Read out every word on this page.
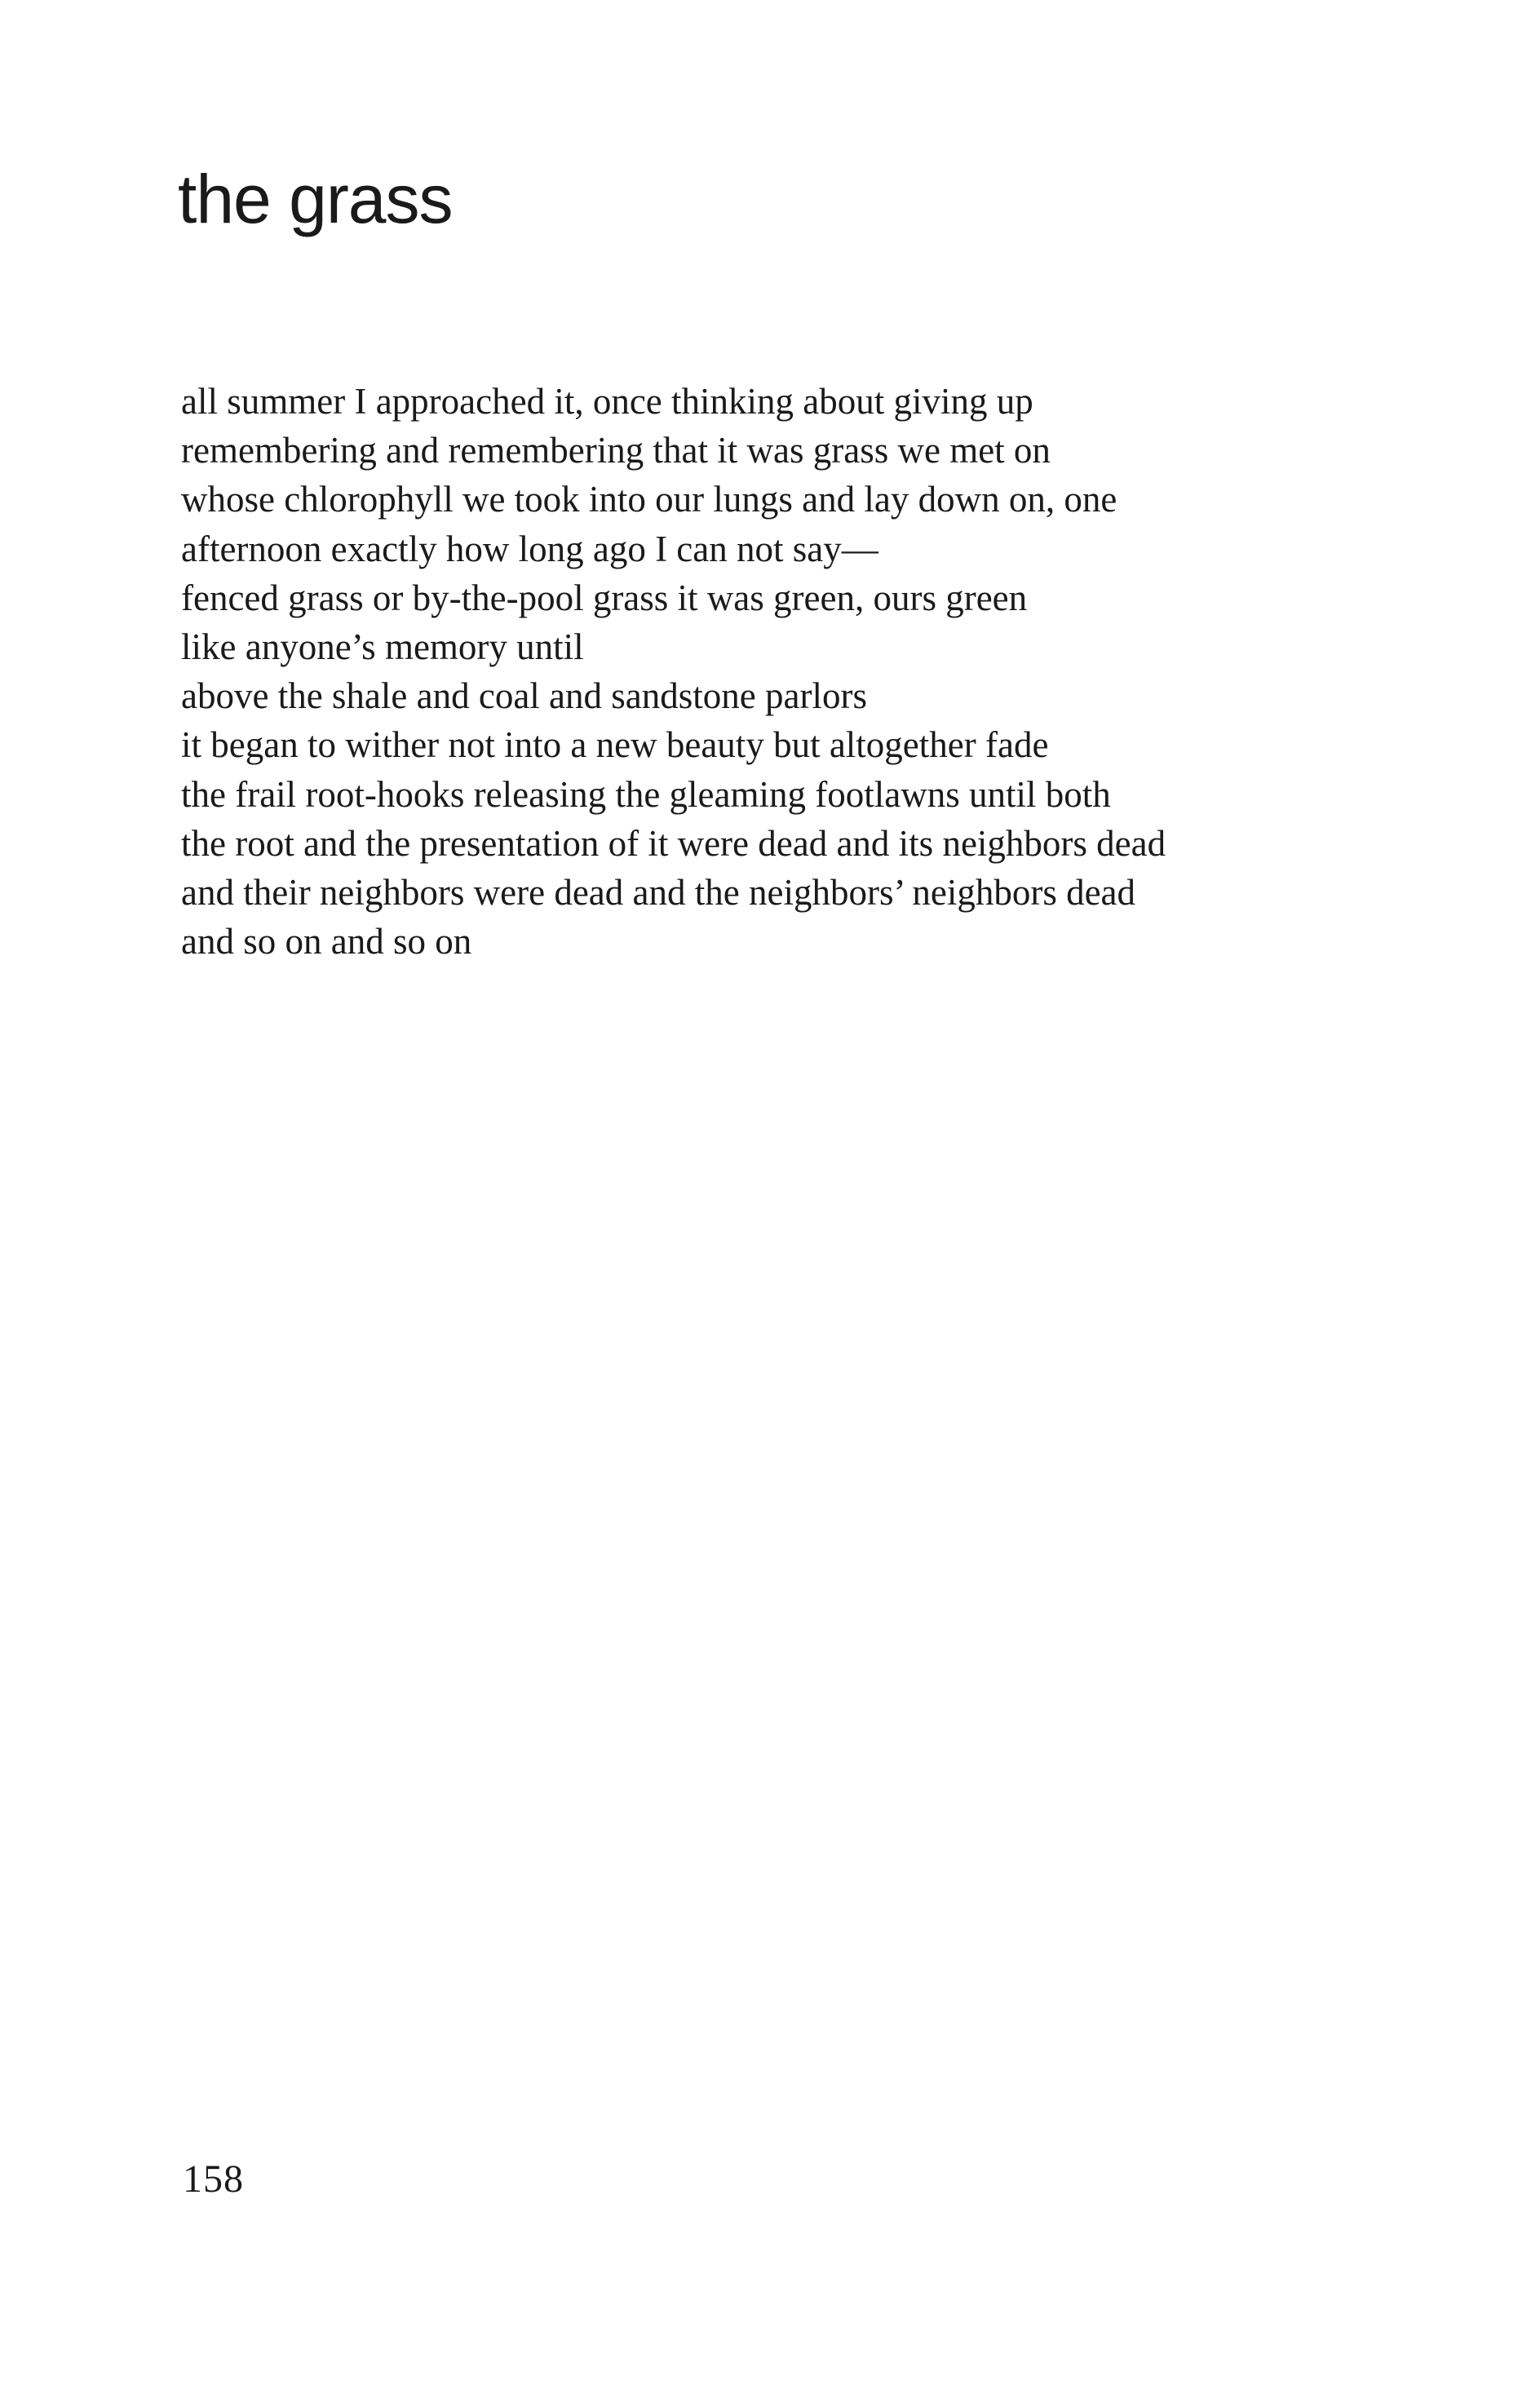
the grass
all summer I approached it, once thinking about giving up
remembering and remembering that it was grass we met on
whose chlorophyll we took into our lungs and lay down on, one
afternoon exactly how long ago I can not say—
fenced grass or by-the-pool grass it was green, ours green
like anyone’s memory until
above the shale and coal and sandstone parlors
it began to wither not into a new beauty but altogether fade
the frail root-hooks releasing the gleaming footlawns until both
the root and the presentation of it were dead and its neighbors dead
and their neighbors were dead and the neighbors’ neighbors dead
and so on and so on
158
